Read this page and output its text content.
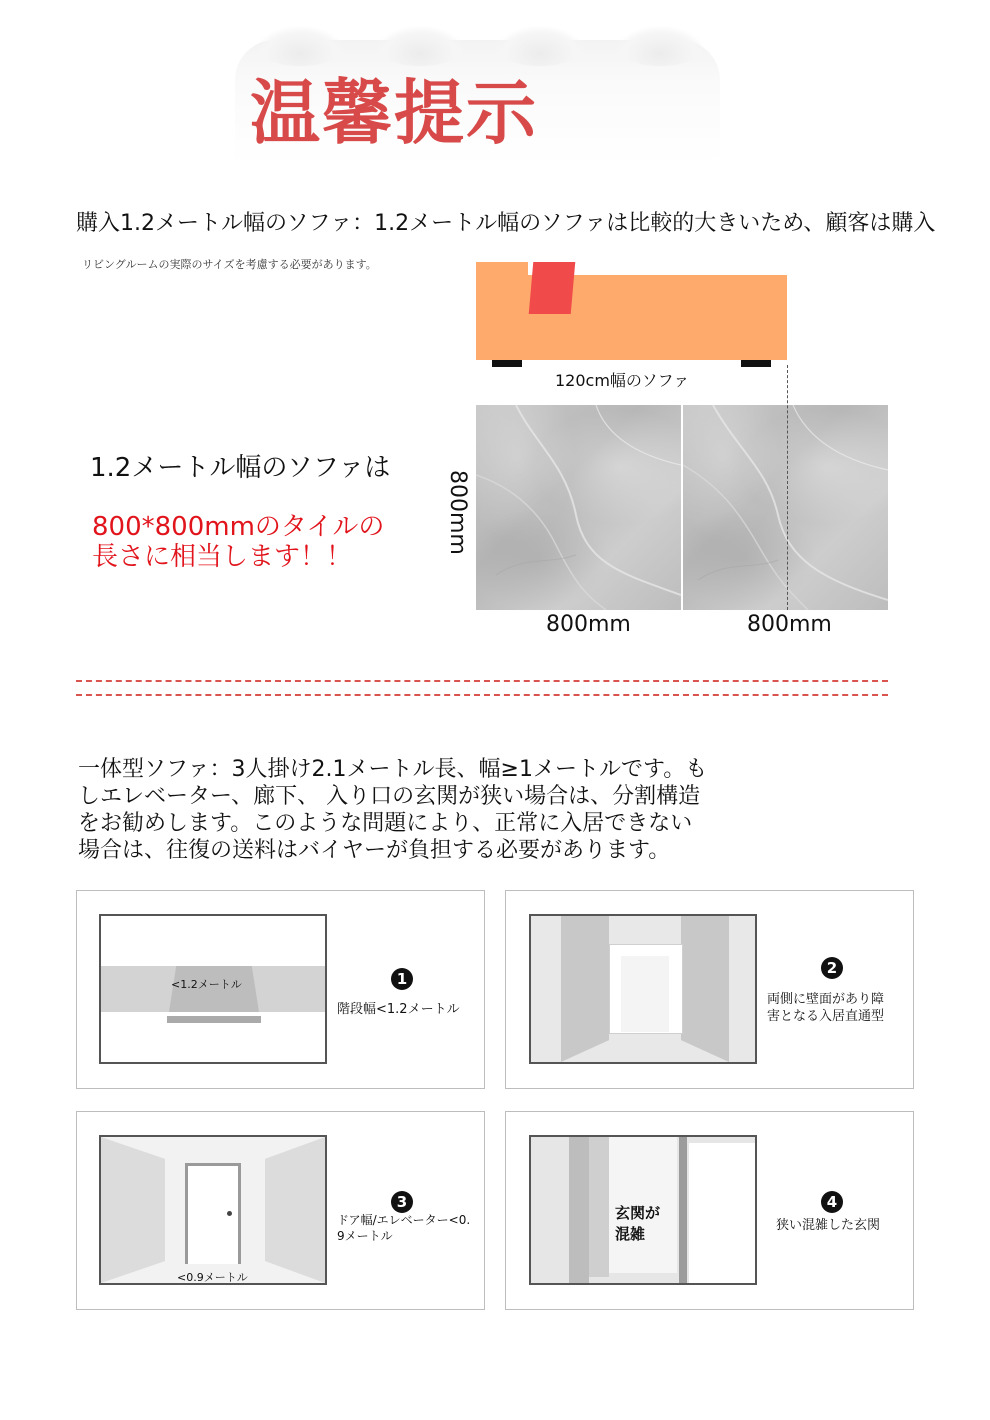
温馨提示
購入1.2メートル幅のソファ：1.2メートル幅のソファは比較的大きいため、顧客は購入
リビングルームの実際のサイズを考慮する必要があります。
120cm幅のソファ
800mm
800mm	800mm
1.2メートル幅のソファは
800*800mmのタイルの
長さに相当します！！
一体型ソファ：3人掛け2.1メートル長、幅≥1メートルです。も
しエレベーター、廊下、 入り口の玄関が狭い場合は、分割構造
をお勧めします。このような問題により、正常に入居できない
場合は、往復の送料はバイヤーが負担する必要があります。
<1.2メートル	1
階段幅<1.2メートル
2
両側に壁面があり障
害となる入居直通型
<0.9メートル
3
ドア幅/エレベーター<0.
9メートル
玄関が
混雑
4
狭い混雑した玄関
